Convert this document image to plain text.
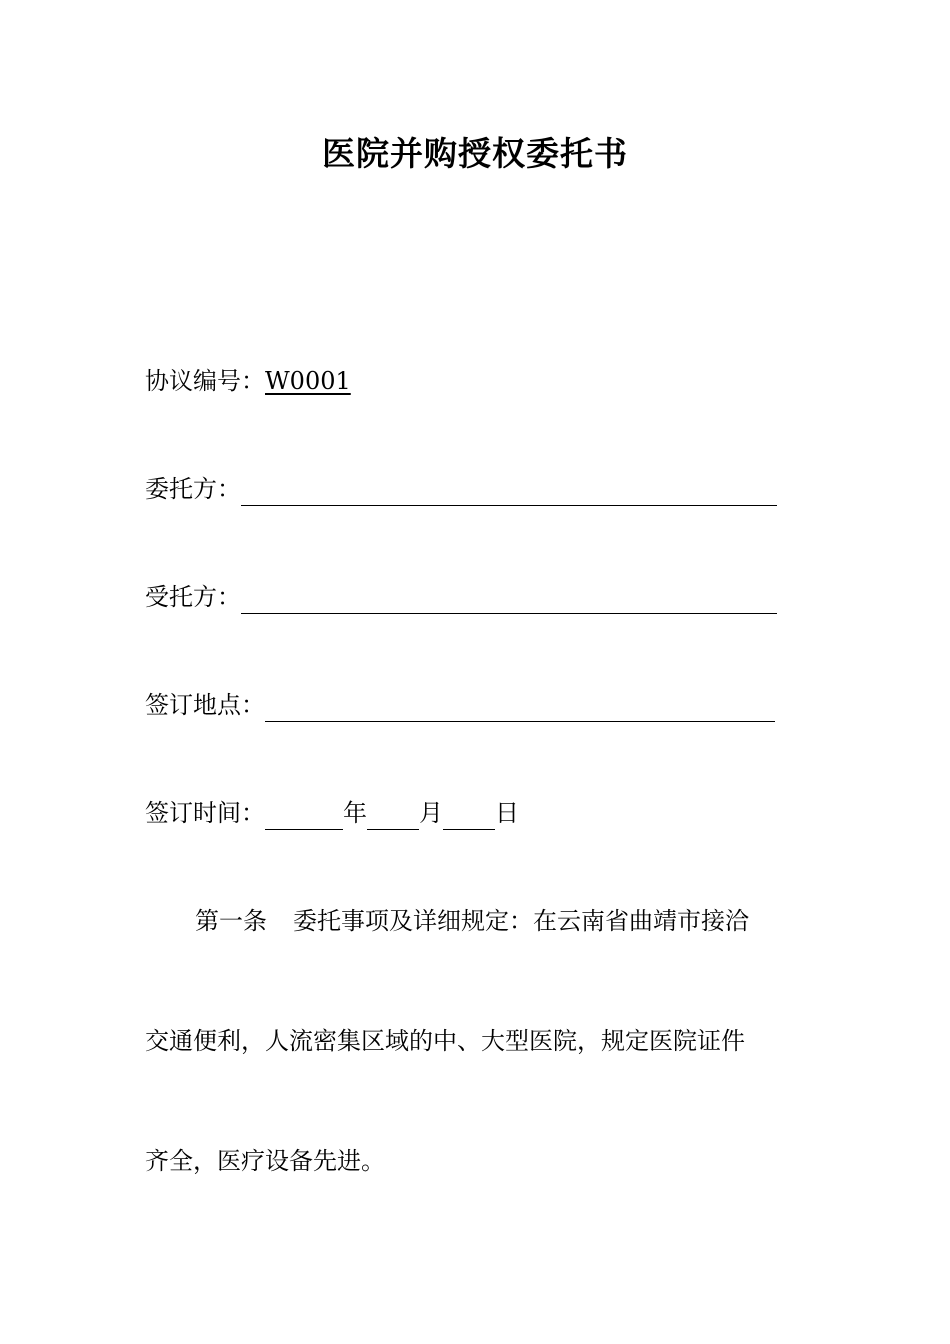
医院并购授权委托书
协议编号： W0001
委托方：
受托方：
签订地点：
签订时间：	年 月 日
第一条 委托事项及详细规定：在云南省曲靖市接洽
交通便利，人流密集区域的中、大型医院，规定医院证件
齐全，医疗设备先进。
